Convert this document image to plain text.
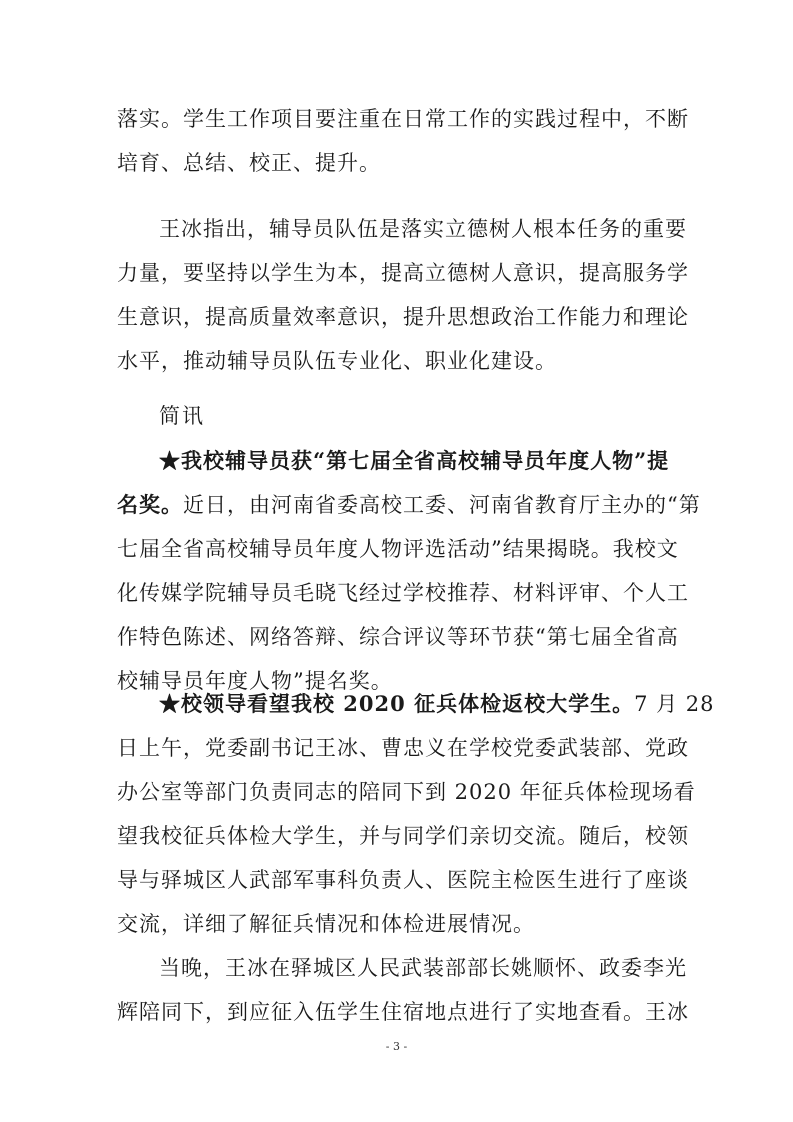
落实。学生工作项目要注重在日常工作的实践过程中，不断
培育、总结、校正、提升。
王冰指出，辅导员队伍是落实立德树人根本任务的重要
力量，要坚持以学生为本，提高立德树人意识，提高服务学
生意识，提高质量效率意识，提升思想政治工作能力和理论
水平，推动辅导员队伍专业化、职业化建设。
简讯
★我校辅导员获“第七届全省高校辅导员年度人物”提
名奖。近日，由河南省委高校工委、河南省教育厅主办的“第
七届全省高校辅导员年度人物评选活动”结果揭晓。我校文
化传媒学院辅导员毛晓飞经过学校推荐、材料评审、个人工
作特色陈述、网络答辩、综合评议等环节获“第七届全省高
校辅导员年度人物”提名奖。
★校领导看望我校 2020 征兵体检返校大学生。7 月 28
日上午，党委副书记王冰、曹忠义在学校党委武装部、党政
办公室等部门负责同志的陪同下到 2020 年征兵体检现场看
望我校征兵体检大学生，并与同学们亲切交流。随后，校领
导与驿城区人武部军事科负责人、医院主检医生进行了座谈
交流，详细了解征兵情况和体检进展情况。
当晚，王冰在驿城区人民武装部部长姚顺怀、政委李光
辉陪同下，到应征入伍学生住宿地点进行了实地查看。王冰
- 3 -
